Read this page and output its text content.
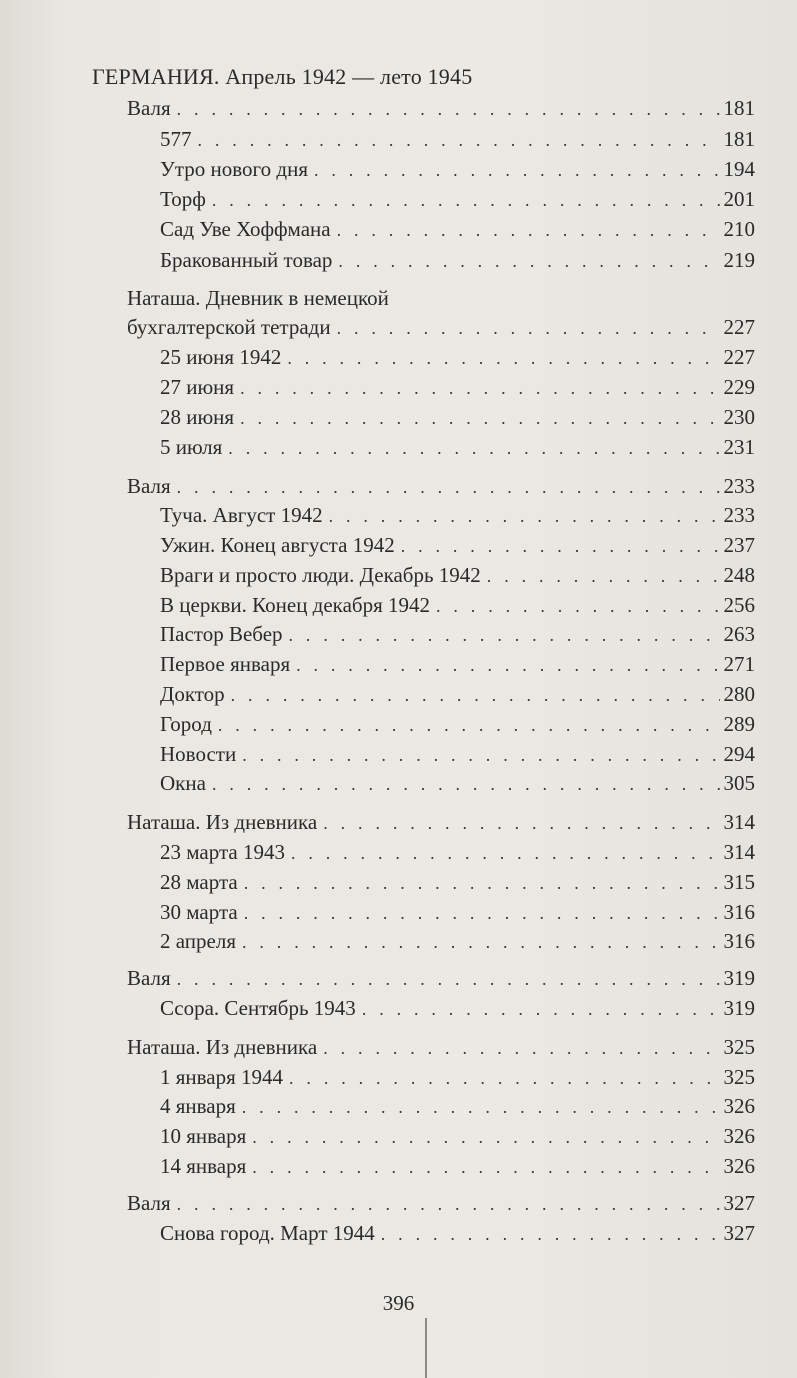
ГЕРМАНИЯ. Апрель 1942 — лето 1945
Валя . . .	181
577 . . .	181
Утро нового дня . . .	194
Торф . . .	201
Сад Уве Хоффмана . . .	210
Бракованный товар . . .	219
Наташа. Дневник в немецкой
бухгалтерской тетради . . .	227
25 июня 1942 . . .	227
27 июня . . .	229
28 июня . . .	230
5 июля . . .	231
Валя . . .	233
Туча. Август 1942 . . .	233
Ужин. Конец августа 1942 . . .	237
Враги и просто люди. Декабрь 1942 . . .	248
В церкви. Конец декабря 1942 . . .	256
Пастор Вебер . . .	263
Первое января . . .	271
Доктор . . .	280
Город . . .	289
Новости . . .	294
Окна . . .	305
Наташа. Из дневника . . .	314
23 марта 1943 . . .	314
28 марта . . .	315
30 марта . . .	316
2 апреля . . .	316
Валя . . .	319
Ссора. Сентябрь 1943 . . .	319
Наташа. Из дневника . . .	325
1 января 1944 . . .	325
4 января . . .	326
10 января . . .	326
14 января . . .	326
Валя . . .	327
Снова город. Март 1944 . . .	327
396
